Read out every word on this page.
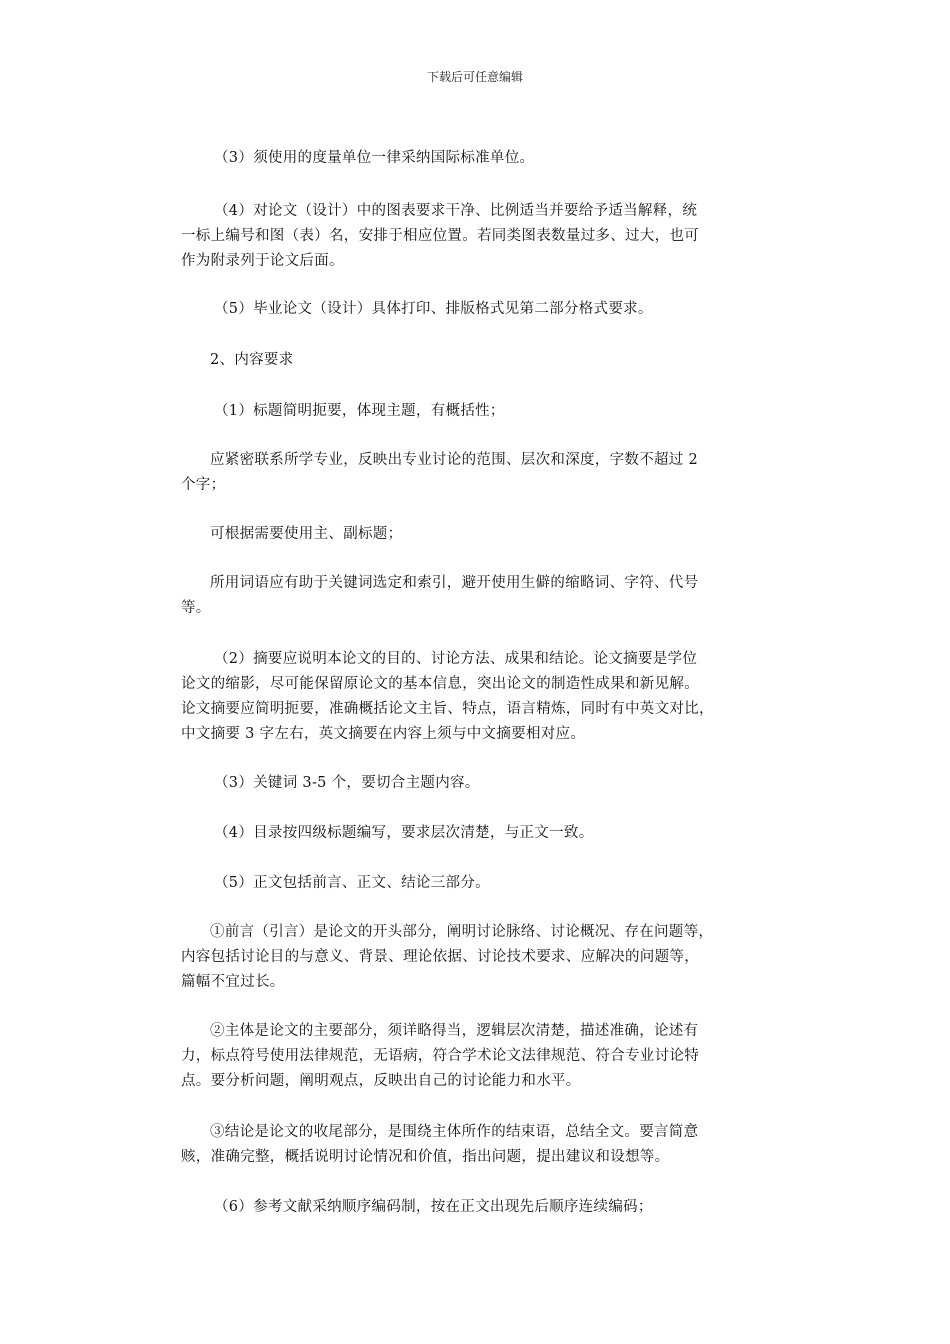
下载后可任意编辑
（3）须使用的度量单位一律采纳国际标准单位。
（4）对论文（设计）中的图表要求干净、比例适当并要给予适当解释，统
一标上编号和图（表）名，安排于相应位置。若同类图表数量过多、过大，也可
作为附录列于论文后面。
（5）毕业论文（设计）具体打印、排版格式见第二部分格式要求。
2、内容要求
（1）标题简明扼要，体现主题，有概括性；
应紧密联系所学专业，反映出专业讨论的范围、层次和深度，字数不超过 2
个字；
可根据需要使用主、副标题；
所用词语应有助于关键词选定和索引，避开使用生僻的缩略词、字符、代号
等。
（2）摘要应说明本论文的目的、讨论方法、成果和结论。论文摘要是学位
论文的缩影，尽可能保留原论文的基本信息，突出论文的制造性成果和新见解。
论文摘要应简明扼要，准确概括论文主旨、特点，语言精炼，同时有中英文对比，
中文摘要 3 字左右，英文摘要在内容上须与中文摘要相对应。
（3）关键词 3-5 个，要切合主题内容。
（4）目录按四级标题编写，要求层次清楚，与正文一致。
（5）正文包括前言、正文、结论三部分。
①前言（引言）是论文的开头部分，阐明讨论脉络、讨论概况、存在问题等，
内容包括讨论目的与意义、背景、理论依据、讨论技术要求、应解决的问题等，
篇幅不宜过长。
②主体是论文的主要部分，须详略得当，逻辑层次清楚，描述准确，论述有
力，标点符号使用法律规范，无语病，符合学术论文法律规范、符合专业讨论特
点。要分析问题，阐明观点，反映出自己的讨论能力和水平。
③结论是论文的收尾部分，是围绕主体所作的结束语，总结全文。要言简意
赅，准确完整，概括说明讨论情况和价值，指出问题，提出建议和设想等。
（6）参考文献采纳顺序编码制，按在正文出现先后顺序连续编码；
